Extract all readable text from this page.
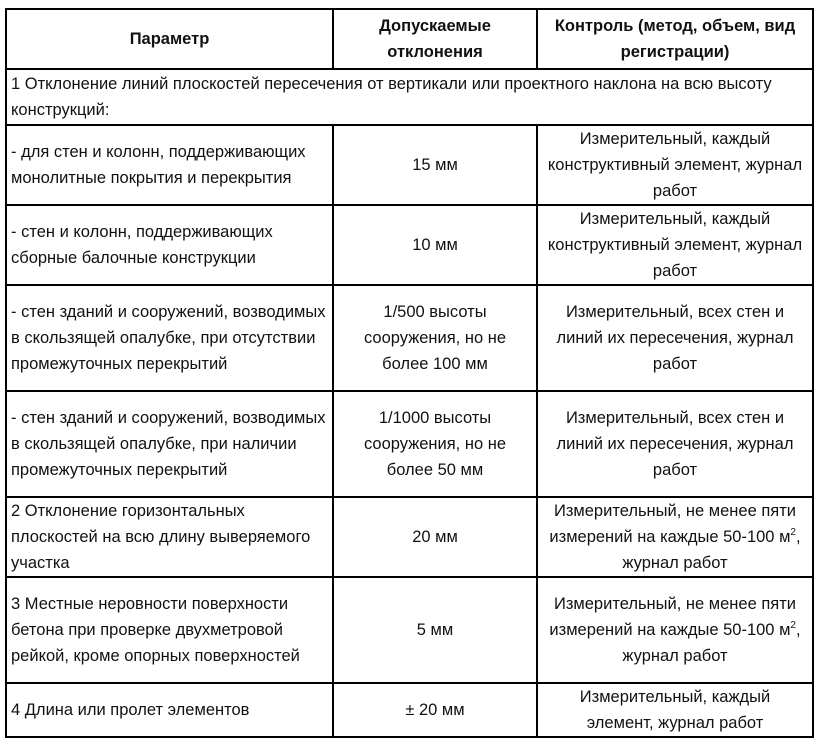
Параметр	Допускаемые отклонения	Контроль (метод, объем, вид регистрации)
1 Отклонение линий плоскостей пересечения от вертикали или проектного наклона на всю высоту конструкций:		
- для стен и колонн, поддерживающих монолитные покрытия и перекрытия	15 мм	Измерительный, каждый конструктивный элемент, журнал работ
- стен и колонн, поддерживающих сборные балочные конструкции	10 мм	Измерительный, каждый конструктивный элемент, журнал работ
- стен зданий и сооружений, возводимых в скользящей опалубке, при отсутствии промежуточных перекрытий	1/500 высоты сооружения, но не более 100 мм	Измерительный, всех стен и линий их пересечения, журнал работ
- стен зданий и сооружений, возводимых в скользящей опалубке, при наличии промежуточных перекрытий	1/1000 высоты сооружения, но не более 50 мм	Измерительный, всех стен и линий их пересечения, журнал работ
2 Отклонение горизонтальных плоскостей на всю длину выверяемого участка	20 мм	Измерительный, не менее пяти измерений на каждые 50-100 $м^2$, журнал работ
3 Местные неровности поверхности бетона при проверке двухметровой рейкой, кроме опорных поверхностей	5 мм	Измерительный, не менее пяти измерений на каждые 50-100 $м^2$, журнал работ
4 Длина или пролет элементов	± 20 мм	Измерительный, каждый элемент, журнал работ
